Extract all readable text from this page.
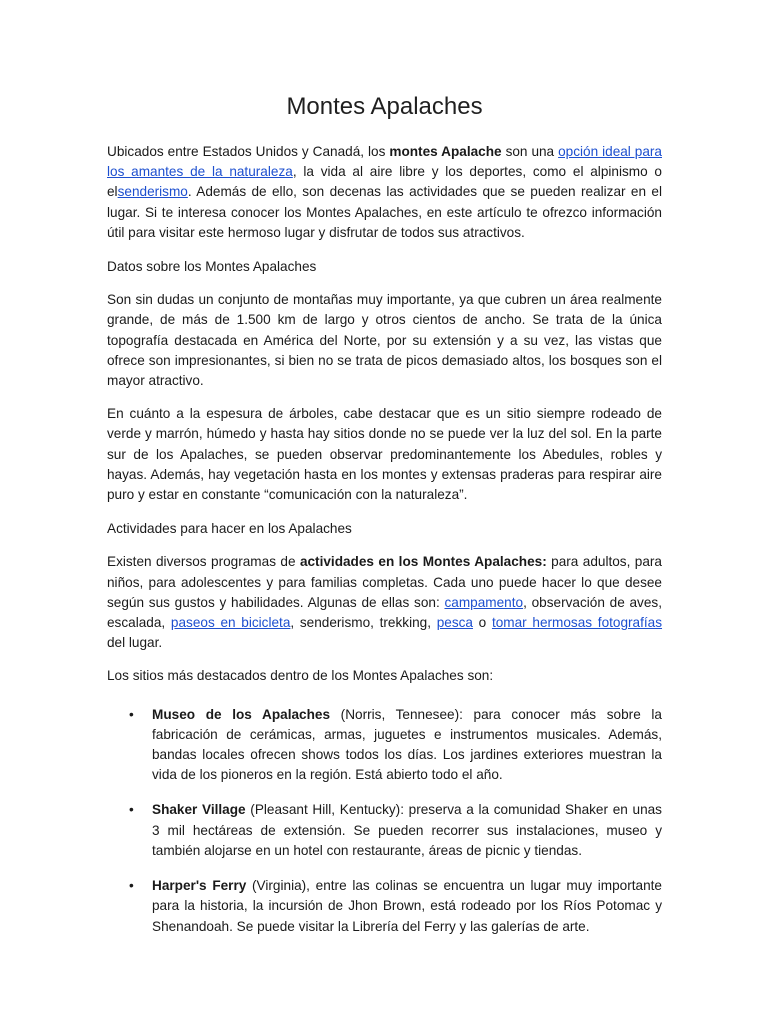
Montes Apalaches

Ubicados entre Estados Unidos y Canadá, los montes Apalache son una opción ideal para los amantes de la naturaleza, la vida al aire libre y los deportes, como el alpinismo o elsenderismo. Además de ello, son decenas las actividades que se pueden realizar en el lugar. Si te interesa conocer los Montes Apalaches, en este artículo te ofrezco información útil para visitar este hermoso lugar y disfrutar de todos sus atractivos.

Datos sobre los Montes Apalaches

Son sin dudas un conjunto de montañas muy importante, ya que cubren un área realmente grande, de más de 1.500 km de largo y otros cientos de ancho. Se trata de la única topografía destacada en América del Norte, por su extensión y a su vez, las vistas que ofrece son impresionantes, si bien no se trata de picos demasiado altos, los bosques son el mayor atractivo.

En cuánto a la espesura de árboles, cabe destacar que es un sitio siempre rodeado de verde y marrón, húmedo y hasta hay sitios donde no se puede ver la luz del sol. En la parte sur de los Apalaches, se pueden observar predominantemente los Abedules, robles y hayas. Además, hay vegetación hasta en los montes y extensas praderas para respirar aire puro y estar en constante “comunicación con la naturaleza”.

Actividades para hacer en los Apalaches

Existen diversos programas de actividades en los Montes Apalaches: para adultos, para niños, para adolescentes y para familias completas. Cada uno puede hacer lo que desee según sus gustos y habilidades. Algunas de ellas son: campamento, observación de aves, escalada, paseos en bicicleta, senderismo, trekking, pesca o tomar hermosas fotografías del lugar.

Los sitios más destacados dentro de los Montes Apalaches son:

• Museo de los Apalaches (Norris, Tennesee): para conocer más sobre la fabricación de cerámicas, armas, juguetes e instrumentos musicales. Además, bandas locales ofrecen shows todos los días. Los jardines exteriores muestran la vida de los pioneros en la región. Está abierto todo el año.
• Shaker Village (Pleasant Hill, Kentucky): preserva a la comunidad Shaker en unas 3 mil hectáreas de extensión. Se pueden recorrer sus instalaciones, museo y también alojarse en un hotel con restaurante, áreas de picnic y tiendas.
• Harper's Ferry (Virginia), entre las colinas se encuentra un lugar muy importante para la historia, la incursión de Jhon Brown, está rodeado por los Ríos Potomac y Shenandoah. Se puede visitar la Librería del Ferry y las galerías de arte.
